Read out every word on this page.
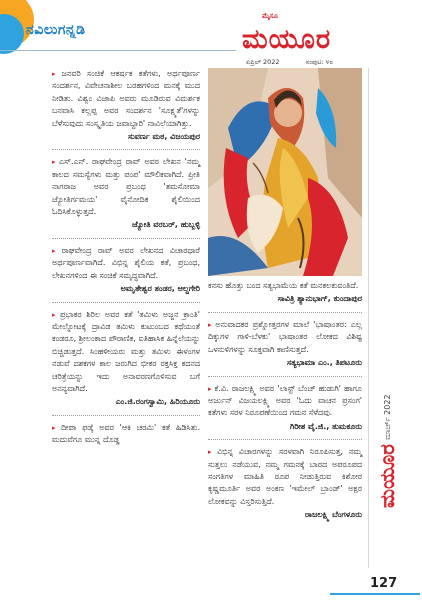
ನವಿಲುಗನ್ನಡಿ
ಮೈಸೂ
ಮಯೂರ
ಏಪ್ರಿಲ್ 2022	ಸಂಪುಟ: ೪೮
▸ ಜನವರಿ ಸಂಚಿಕೆ ಆಕರ್ಷಕ ಕತೆಗಳು, ಅರ್ಥಪೂರ್ಣ ಸಂದರ್ಶನ, ವಿವೇಚನಾಶೀಲ ಬರಹಗಳಿಂದ ಮನಕ್ಕೆ ಮುದ ನೀಡಿತು. ವಿಶ್ವಂ ವಿಜಾಪಿ ಅವರು ಮೂಡಿರುವ ವಿಮರ್ಶಕ ಬನವಾಸಿ ಕಲ್ಲಪ್ಪ ಅವರ ಸಂದರ್ಶನ 'ಸೂಕ್ಷ್ಮತೆ'ಗಳನ್ನು ಬೆಳೆಸುವುದು ಸಂಸ್ಕೃತಿಯ ಜವಾಬ್ದಾರಿ' ನಾವಿಲೆಯಾಗಿತ್ತು.
ಸುವರ್ಣ ಮಠ, ವಿಜಯಪುರ
▸ ಎಸ್.ಎನ್. ರಾಘವೇಂದ್ರ ರಾವ್ ಅವರ ಲೇಖನ 'ನಮ್ಮ ಕಾಲದ ಸಮಸ್ಯೆಗಳು ಮತ್ತು ಪಂಪ' ಮೌಲಿಕವಾಗಿದೆ. ಪ್ರೀತಿ ನಾಗರಾಜ ಅವರ ಪ್ರಬಂಧ 'ತಮಸೋಮಾ ಜ್ಯೋತಿರ್ಗಮಯ' ವೈನೋದಿಕ ಶೈಲಿಯಿಂದ ಓದಿಸಿಕೊಳ್ಳುತ್ತದೆ.
ಜ್ಯೋತಿ ವರಬರ್, ಹುಬ್ಬಳ್ಳಿ
▸ ರಾಘವೇಂದ್ರ ರಾವ್ ಅವರ ಲೇಖನದ ವಿಚಾರಧಾರೆ ಅರ್ಥಪೂರ್ಣವಾಗಿದೆ. ವಿಭಿನ್ನ ಶೈಲಿಯ ಕತೆ, ಪ್ರಬಂಧ, ಲೇಖನಗಳಿಂದ ಈ ಸಂಚಿಕೆ ಸಮೃದ್ಧವಾಗಿದೆ.
ಅಮೃತೇಶ್ವರ ತಂಡರ, ಆಲ್ದಗೇರಿ
▸ ಪ್ರಭಾಕರ ಶಿರಿಲ ಅವರ ಕತೆ 'ತಮಿಳು ಅಜ್ಜನ ಕ್ರಾಂತಿ' ಮೇಲ್ನೋಟಕ್ಕೆ ದ್ರಾವಿಡ ತಮಿಳು ಕುಟುಂಬದ ಕಥೆಯಂತೆ ಕಂಡರೂ, ಶ್ರೀಲಂಕಾದ ಪೌರಾಣಿಕ, ಐತಿಹಾಸಿಕ ಹಿನ್ನೆಲೆಯನ್ನು ಬಿಚ್ಚಿಡುತ್ತದೆ. ಸಿಂಹಳೀಯರು ಮತ್ತು ತಮಿಳು ಈಳಂಗಳ ನಡುವೆ ದಶಕಗಳ ಕಾಲ ಜರುಗಿದ ಭೀಕರ ರಕ್ತಸಿಕ್ತ ಕದನದ ಚರಿತ್ರೆಯನ್ನು ಇದು ಅನಾವರಣಗೊಳಿಸುವ ಬಗೆ ಅನನ್ಯವಾಗಿದೆ.
ಎಂ.ಜಿ.ರಂಗಸ್ವಾಮಿ, ಹಿರಿಯೂರು
▸ ದೀಪಾ ಫಡ್ಕೆ ಅವರ 'ಆಕಿ ಚರಮಿ' ಕತೆ ಹಿಡಿಸಿತು. ಮದುವೆಗೂ ಮುನ್ನ ದೊಡ್ಡ
ಕನಸು ಹೊತ್ತು ಬಂದ ಸತ್ಯಭಾಮೆಯ ಕತೆ ಮನಕಲಕುವಂತಿದೆ.
ಸಾವಿತ್ರಿ ಶ್ಯಾನುಭಾಗ್, ಕುಂದಾಪುರ
▸ ಅನುವಾದಕರ ಪ್ರಶ್ನೋತ್ತರಗಳ ಮಾಲೆ 'ಭಾಷಾಂತರ: ಎಲ್ಲ ದಿಕ್ಕುಗಳ ಗಾಳಿ-ಬೆಳಕು' ಭಾಷಾಂತರ ಲೋಕದ ವಿಶಿಷ್ಟ ಒಳನುಳಿಗಳನ್ನು ಸೂಕ್ತವಾಗಿ ಕಾಣಿಸುತ್ತದೆ.
ಸತ್ಯಭಾಮಾ ಎಂ., ತಿಪಟೂರು
▸ ಕೆ.ವಿ. ರಾಜಲಕ್ಷ್ಮಿ ಅವರ 'ಲಾಸ್ಟ್ ಬೆಂಚ್ ಹುಡುಗಿ' ಹಾಗೂ ಅರ್ಜುನ್ ವಿಜಯಲಕ್ಷ್ಮಿ ಅವರ 'ಓದು ವಾಚನ ಪ್ರಸಂಗ' ಕತೆಗಳು ಸರಳ ನಿರೂಪಣೆಯಿಂದ ಗಮನ ಸೆಳೆದವು.
ಗಿರೀಶ ವೈ.ಜಿ., ತುಮಕೂರು
▸ ವಿಭಿನ್ನ ವಿಚಾರಗಳನ್ನು ಸರಳವಾಗಿ ನಿರೂಪಿಸುತ್ತ, ನಮ್ಮ ಸುತ್ತಲು ನಡೆಯುವ, ನಮ್ಮ ಗಮನಕ್ಕೆ ಬಾರದ ಅಪರೂಪದ ಸಂಗತಿಗಳ ಮಾಹಿತಿ ರೂಪ ನೀಡುತ್ತಿರುವ ಕಿಶೋರ ಕೃಷ್ಣಮೂರ್ತಿ ಅವರ ಅಂಕಣ 'ಇಮೇಲ್ ಬ್ರಾಂಡ್' ಅಕ್ಷರ ಲೋಕವನ್ನು ವಿಸ್ತರಿಸುತ್ತಿದೆ.
ರಾಜಲಕ್ಷ್ಮಿ ಬೆಂಗಳೂರು
ಮಾರ್ಚ್ 2022
ಮಯೂರ
127
